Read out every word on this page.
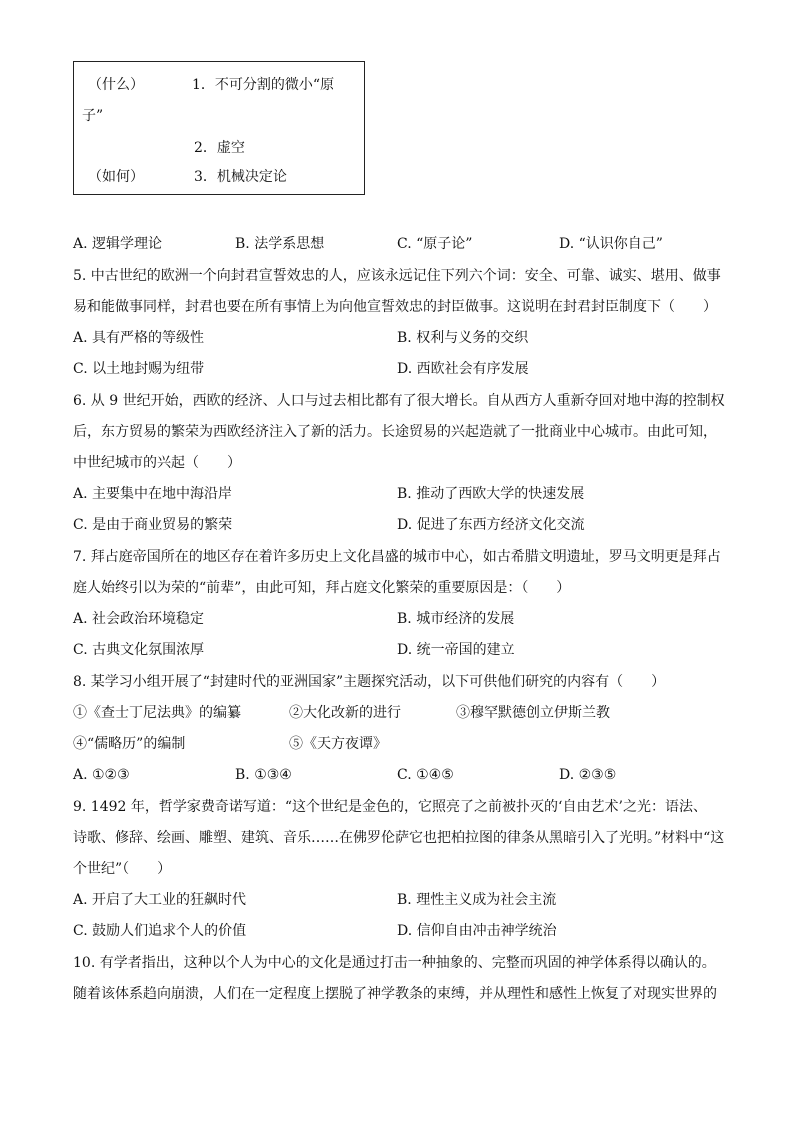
（什么）	1．不可分割的微小“原
子”
2．虚空
（如何）	3．机械决定论
A. 逻辑学理论	B. 法学系思想	C. “原子论”	D. “认识你自己”
5. 中古世纪的欧洲一个向封君宣誓效忠的人，应该永远记住下列六个词：安全、可靠、诚实、堪用、做事
易和能做事同样，封君也要在所有事情上为向他宣誓效忠的封臣做事。这说明在封君封臣制度下（　　）
A. 具有严格的等级性	B. 权利与义务的交织
C. 以土地封赐为纽带	D. 西欧社会有序发展
6. 从 9 世纪开始，西欧的经济、人口与过去相比都有了很大增长。自从西方人重新夺回对地中海的控制权
后，东方贸易的繁荣为西欧经济注入了新的活力。长途贸易的兴起造就了一批商业中心城市。由此可知，
中世纪城市的兴起（　　）
A. 主要集中在地中海沿岸	B. 推动了西欧大学的快速发展
C. 是由于商业贸易的繁荣	D. 促进了东西方经济文化交流
7. 拜占庭帝国所在的地区存在着许多历史上文化昌盛的城市中心，如古希腊文明遗址，罗马文明更是拜占
庭人始终引以为荣的“前辈”，由此可知，拜占庭文化繁荣的重要原因是：（　　）
A. 社会政治环境稳定	B. 城市经济的发展
C. 古典文化氛围浓厚	D. 统一帝国的建立
8. 某学习小组开展了“封建时代的亚洲国家”主题探究活动，以下可供他们研究的内容有（　　）
①《查士丁尼法典》的编纂	②大化改新的进行	③穆罕默德创立伊斯兰教
④“儒略历”的编制	⑤《天方夜谭》
A. ①②③	B. ①③④	C. ①④⑤	D. ②③⑤
9. 1492 年，哲学家费奇诺写道：“这个世纪是金色的，它照亮了之前被扑灭的‘自由艺术’之光：语法、
诗歌、修辞、绘画、雕塑、建筑、音乐……在佛罗伦萨它也把柏拉图的律条从黑暗引入了光明。”材料中“这
个世纪”（　　）
A. 开启了大工业的狂飙时代	B. 理性主义成为社会主流
C. 鼓励人们追求个人的价值	D. 信仰自由冲击神学统治
10. 有学者指出，这种以个人为中心的文化是通过打击一种抽象的、完整而巩固的神学体系得以确认的。
随着该体系趋向崩溃，人们在一定程度上摆脱了神学教条的束缚，并从理性和感性上恢复了对现实世界的
